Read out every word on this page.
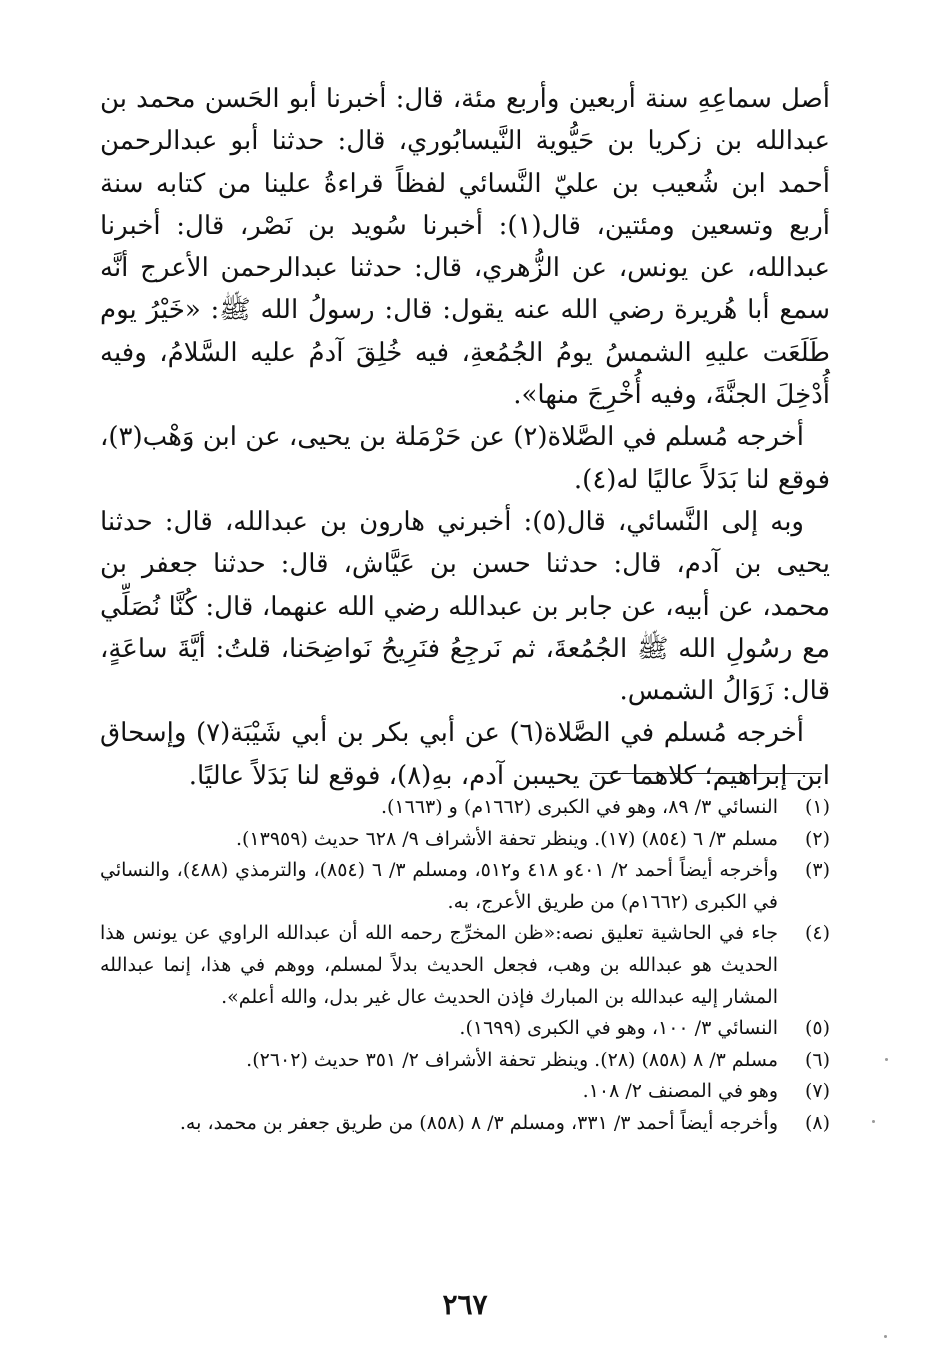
أصل سماعِهِ سنة أربعين وأربع مئة، قال: أخبرنا أبو الحَسن محمد بن عبدالله بن زكريا بن حَيُّوية النَّيسابُوري، قال: حدثنا أبو عبدالرحمن أحمد ابن شُعيب بن عليّ النَّسائي لفظاً قراءةُ علينا من كتابه سنة أربع وتسعين ومئتين، قال(١): أخبرنا سُويد بن نَصْر، قال: أخبرنا عبدالله، عن يونس، عن الزُّهري، قال: حدثنا عبدالرحمن الأعرج أنَّه سمع أبا هُريرة رضي الله عنه يقول: قال: رسولُ الله ﷺ: «خَيْرُ يوم طَلَعَت عليهِ الشمسُ يومُ الجُمُعةِ، فيه خُلِقَ آدمُ عليه السَّلامُ، وفيه أُدْخِلَ الجنَّةَ، وفيه أُخْرِجَ منها».

أخرجه مُسلم في الصَّلاة(٢) عن حَرْمَلة بن يحيى، عن ابن وَهْب(٣)، فوقع لنا بَدَلاً عاليًا له(٤).

وبه إلى النَّسائي، قال(٥): أخبرني هارون بن عبدالله، قال: حدثنا يحيى بن آدم، قال: حدثنا حسن بن عَيَّاش، قال: حدثنا جعفر بن محمد، عن أبيه، عن جابر بن عبدالله رضي الله عنهما، قال: كُنَّا نُصَلِّي مع رسُولِ الله ﷺ الجُمُعةَ، ثم نَرجِعُ فنَرِيحُ نَواضِحَنا، قلتُ: أيَّةَ ساعَةٍ، قال: زَوَالُ الشمس.

أخرجه مُسلم في الصَّلاة(٦) عن أبي بكر بن أبي شَيْبَة(٧) وإسحاق ابن إبراهيم؛ كلاهما عن يحيىبن آدم، بهِ(٨)، فوقع لنا بَدَلاً عاليًا.

(١)
النسائي ٣/ ٨٩، وهو في الكبرى (١٦٦٢م) و (١٦٦٣).
(٢)
مسلم ٣/ ٦ (٨٥٤) (١٧). وينظر تحفة الأشراف ٩/ ٦٢٨ حديث (١٣٩٥٩).
(٣)
وأخرجه أيضاً أحمد ٢/ ٤٠١و ٤١٨ و٥١٢، ومسلم ٣/ ٦ (٨٥٤)، والترمذي (٤٨٨)، والنسائي في الكبرى (١٦٦٢م) من طريق الأعرج، به.
(٤)
جاء في الحاشية تعليق نصه:«ظن المخرِّج رحمه الله أن عبدالله الراوي عن يونس هذا الحديث هو عبدالله بن وهب، فجعل الحديث بدلاً لمسلم، ووهم في هذا، إنما عبدالله المشار إليه عبدالله بن المبارك فإذن الحديث عال غير بدل، والله أعلم».
(٥)
النسائي ٣/ ١٠٠، وهو في الكبرى (١٦٩٩).
(٦)
مسلم ٣/ ٨ (٨٥٨) (٢٨). وينظر تحفة الأشراف ٢/ ٣٥١ حديث (٢٦٠٢).
(٧)
وهو في المصنف ٢/ ١٠٨.
(٨)
وأخرجه أيضاً أحمد ٣/ ٣٣١، ومسلم ٣/ ٨ (٨٥٨) من طريق جعفر بن محمد، به.
٢٦٧
